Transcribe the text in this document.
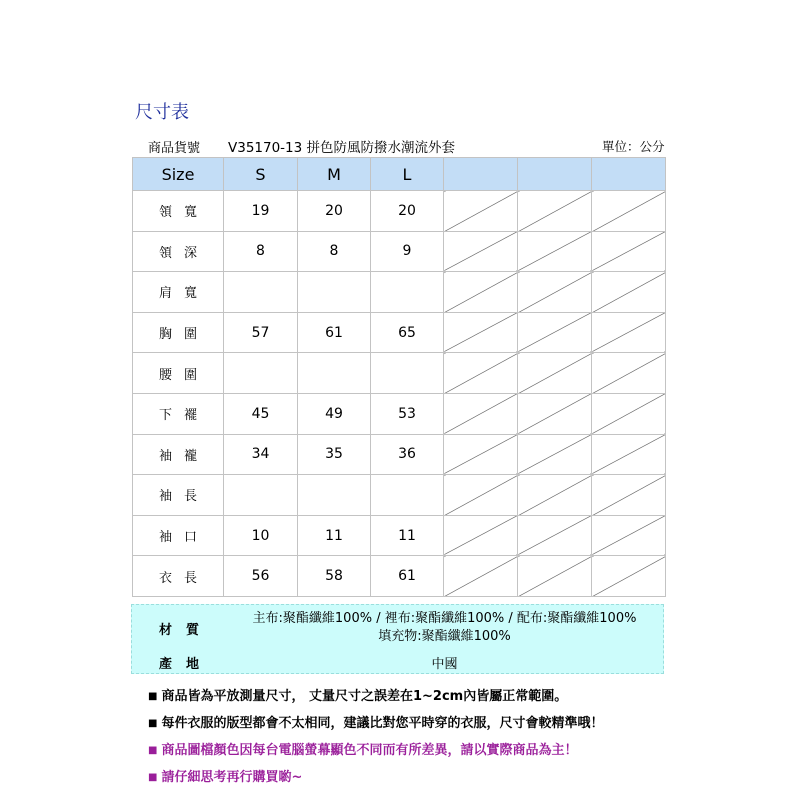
尺寸表
商品貨號 V35170-13 拼色防風防撥水潮流外套	單位：公分
Size	S	M	L			
領寬	19	20	20			
領深	8	8	9			
肩寬						
胸圍	57	61	65			
腰圍						
下襬	45	49	53			
袖襱	34	35	36			
袖長						
袖口	10	11	11			
衣長	56	58	61			
材質
主布:聚酯纖維100% / 裡布:聚酯纖維100% / 配布:聚酯纖維100%
填充物:聚酯纖維100%
產地	中國
■ 商品皆為平放測量尺寸， 丈量尺寸之誤差在1~2cm內皆屬正常範圍。
■ 每件衣服的版型都會不太相同，建議比對您平時穿的衣服，尺寸會較精準哦！
■ 商品圖檔顏色因每台電腦螢幕顯色不同而有所差異，請以實際商品為主！
■ 請仔細思考再行購買喲~
